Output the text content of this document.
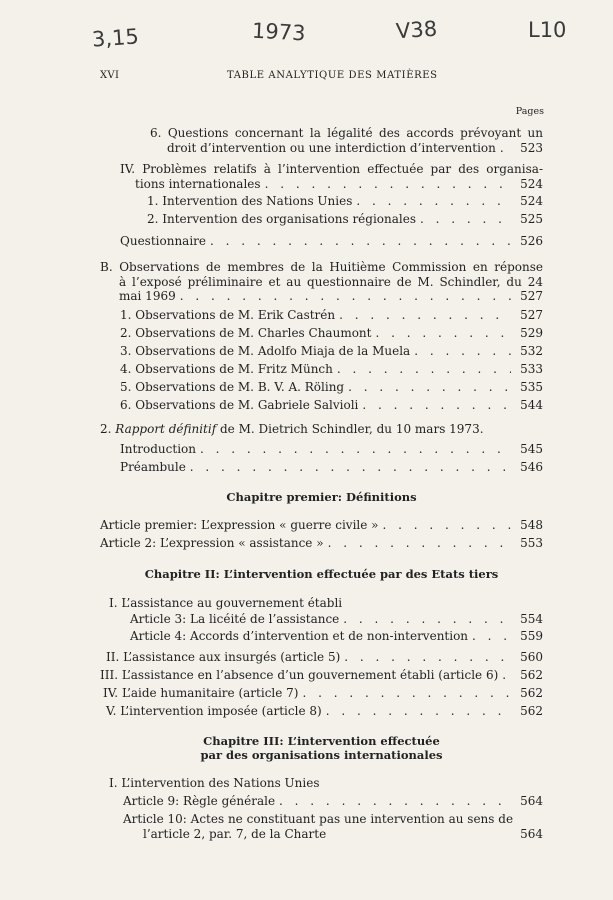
3,15	1973	V38	L10
XVI	TABLE ANALYTIQUE DES MATIÈRES
Pages
6. Questions concernant la légalité des accords prévoyant un
droit d’intervention ou une interdiction d’intervention . . .	523
IV. Problèmes relatifs à l’intervention effectuée par des organisa-
tions internationales . . .	524
1. Intervention des Nations Unies . . .	524
2. Intervention des organisations régionales . . .	525
Questionnaire . . .	526
B. Observations de membres de la Huitième Commission en réponse
à l’exposé préliminaire et au questionnaire de M. Schindler, du 24
mai 1969 . . .	527
1. Observations de M. Erik Castrén . . .	527
2. Observations de M. Charles Chaumont . . .	529
3. Observations de M. Adolfo Miaja de la Muela . . .	532
4. Observations de M. Fritz Münch . . .	533
5. Observations de M. B. V. A. Röling . . .	535
6. Observations de M. Gabriele Salvioli . . .	544
2. Rapport définitif de M. Dietrich Schindler, du 10 mars 1973.
Introduction . . .	545
Préambule . . .	546
Chapitre premier: Définitions
Article premier: L’expression « guerre civile » . . .	548
Article 2: L’expression « assistance » . . .	553
Chapitre II: L’intervention effectuée par des Etats tiers
I. L’assistance au gouvernement établi
Article 3: La licéité de l’assistance . . .	554
Article 4: Accords d’intervention et de non-intervention . . .	559
II. L’assistance aux insurgés (article 5) . . .	560
III. L’assistance en l’absence d’un gouvernement établi (article 6) . . .	562
IV. L’aide humanitaire (article 7) . . .	562
V. L’intervention imposée (article 8) . . .	562
Chapitre III: L’intervention effectuée
par des organisations internationales
I. L’intervention des Nations Unies
Article 9: Règle générale . . .	564
Article 10: Actes ne constituant pas une intervention au sens de
l’article 2, par. 7, de la Charte	564
